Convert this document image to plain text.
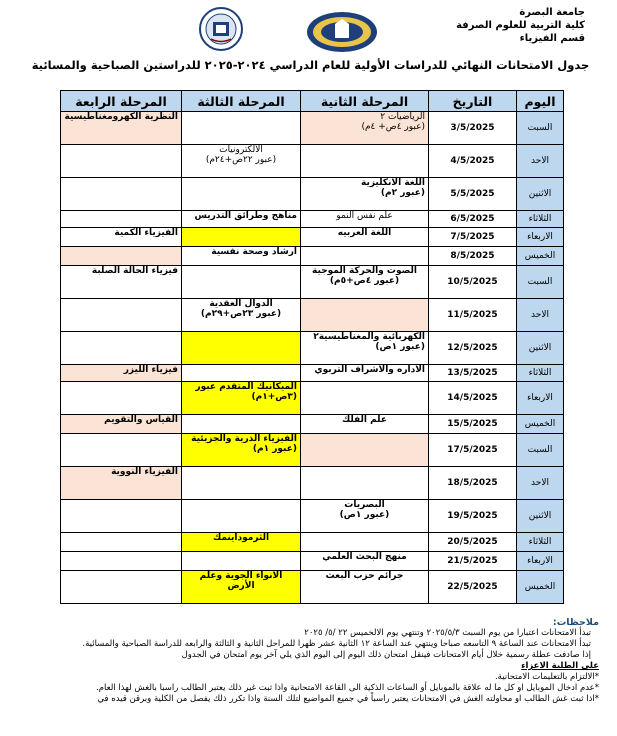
جامعة البصرة
كلية التربية للعلوم الصرفة
قسم الفيزياء
جدول الامتحانات النهائي للدراسات الأولية للعام الدراسي ٢٠٢٤-٢٠٢٥ للدراستين الصباحية والمسائية
اليوم	التاريخ	المرحلة الثانية	المرحلة الثالثة	المرحلة الرابعة
السبت	3/5/2025	الرياضيات ٢
(عبور ٤ص+ ٤م)		النظرية الكهرومغناطيسية
الاحد	4/5/2025		الالكترونيات
(عبور ٢٢ص+٢٤م)	
الاثنين	5/5/2025	اللغة الانكليزية
(عبور ٢م)		
الثلاثاء	6/5/2025	علم نفس النمو	مناهج وطرائق التدريس	
الاربعاء	7/5/2025	اللغة العربيه		الفيزياء الكمية
الخميس	8/5/2025		ارشاد وصحة نفسية	
السبت	10/5/2025	الصوت والحركة الموجية
(عبور ٤ص+٥م)		فيزياء الحالة الصلبة
الاحد	11/5/2025		الدوال العقدية
(عبور ٢٣ص+٢٩م)	
الاثنين	12/5/2025	الكهربائية والمغناطيسية٢
(عبور ١ص)		
الثلاثاء	13/5/2025	الاداره والاشراف التربوي		فيزياء الليزر
الاربعاء	14/5/2025		الميكانيك المتقدم عبور
(٣ص+١م)	
الخميس	15/5/2025	علم الفلك		القياس والتقويم
السبت	17/5/2025		الفيزياء الذرية والجزيئية
(عبور ١م)	
الاحد	18/5/2025			الفيزياء النووية
الاثنين	19/5/2025	البصريات
(عبور ١ص)		
الثلاثاء	20/5/2025		الثرموداينمك	
الاربعاء	21/5/2025	منهج البحث العلمي		
الخميس	22/5/2025	جرائم حزب البعث	الانواء الجوية وعلم
الأرض	

ملاحظات:

تبدأ الامتحانات اعتبارا من يوم السبت ٢٠٢٥/٥/٣ وتنتهي يوم الالخميس ٢٢ /٥/ ٢٠٢٥

تبدأ الامتحانات عند الساعة ٩ التاسعه صباحا وينتهي عند الساعة ١٢ الثانية عشر ظهرا للمراحل الثانية و الثالثة والرابعه للدراسة الصباحية والمسائية.

إذا صادفت عطلة رسمية خلال أيام الامتحانات فينقل امتحان ذلك اليوم إلى اليوم الذي يلي آخر يوم امتحان في الجدول

على الطلبة الاعزاء

*الالتزام بالتعليمات الامتحانية.

*عدم ادخال الموبايل او كل ما له علاقة بالموبايل أو الساعات الذكية الى القاعة الامتحانية واذا ثبت غير ذلك يعتبر الطالب راسبا بالغش لهذا العام.

*اذا ثبت غش الطالب او محاولته الغش في الامتحانات يعتبر راسباً في جميع المواضيع لتلك السنة واذا تكرر ذلك يفصل من الكلية وبرقن قيده في
